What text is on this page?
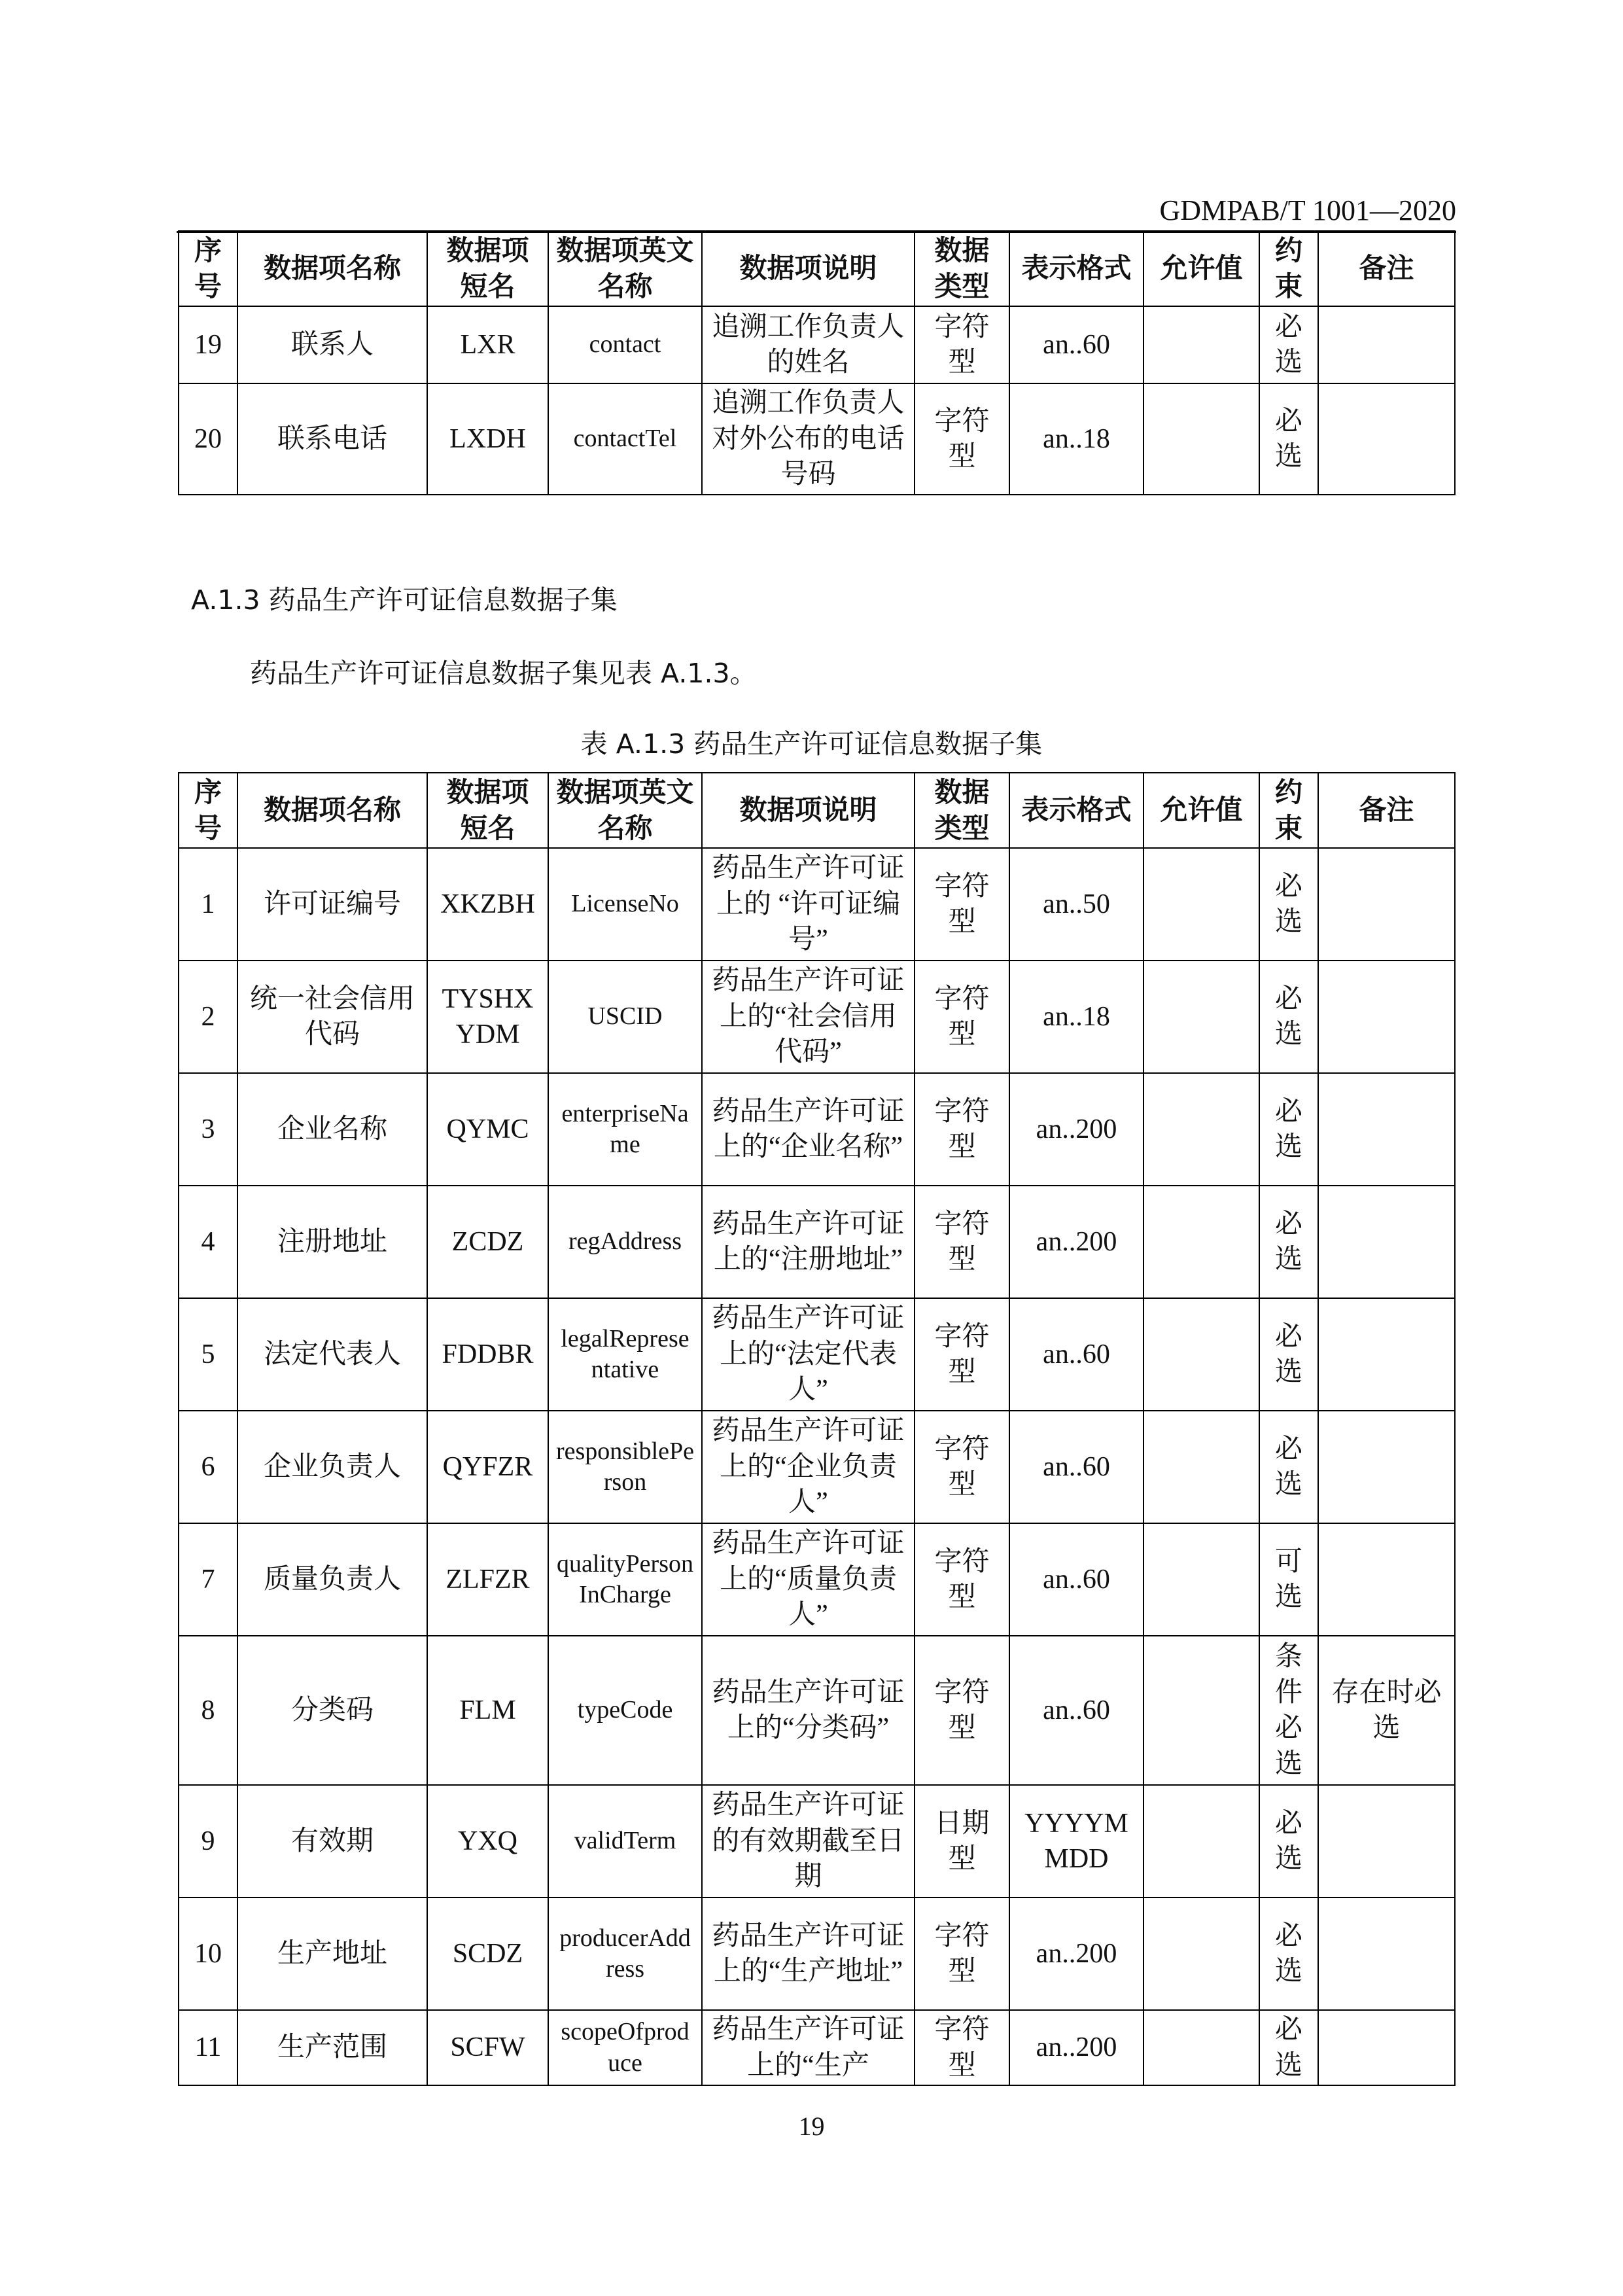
GDMPAB/T 1001—2020
序号	数据项名称	数据项短名	数据项英文名称	数据项说明	数据类型	表示格式	允许值	约束	备注
19	联系人	LXR	contact	追溯工作负责人的姓名	字符型	an..60		必选	
20	联系电话	LXDH	contactTel	追溯工作负责人对外公布的电话号码	字符型	an..18		必选	
A.1.3 药品生产许可证信息数据子集
药品生产许可证信息数据子集见表 A.1.3。
表 A.1.3 药品生产许可证信息数据子集
序号	数据项名称	数据项短名	数据项英文名称	数据项说明	数据类型	表示格式	允许值	约束	备注
1	许可证编号	XKZBH	LicenseNo	药品生产许可证上的 “许可证编号”	字符型	an..50		必选	
2	统一社会信用代码	TYSHXYDM	USCID	药品生产许可证上的“社会信用代码”	字符型	an..18		必选	
3	企业名称	QYMC	enterpriseName	药品生产许可证上的“企业名称”	字符型	an..200		必选	
4	注册地址	ZCDZ	regAddress	药品生产许可证上的“注册地址”	字符型	an..200		必选	
5	法定代表人	FDDBR	legalRepresentative	药品生产许可证上的“法定代表人”	字符型	an..60		必选	
6	企业负责人	QYFZR	responsiblePerson	药品生产许可证上的“企业负责人”	字符型	an..60		必选	
7	质量负责人	ZLFZR	qualityPersonInCharge	药品生产许可证上的“质量负责人”	字符型	an..60		可选	
8	分类码	FLM	typeCode	药品生产许可证上的“分类码”	字符型	an..60		条件必选	存在时必选
9	有效期	YXQ	validTerm	药品生产许可证的有效期截至日期	日期型	YYYYMMDD		必选	
10	生产地址	SCDZ	producerAddress	药品生产许可证上的“生产地址”	字符型	an..200		必选	
11	生产范围	SCFW	scopeOfproduce	药品生产许可证上的“生产	字符型	an..200		必选	
19
